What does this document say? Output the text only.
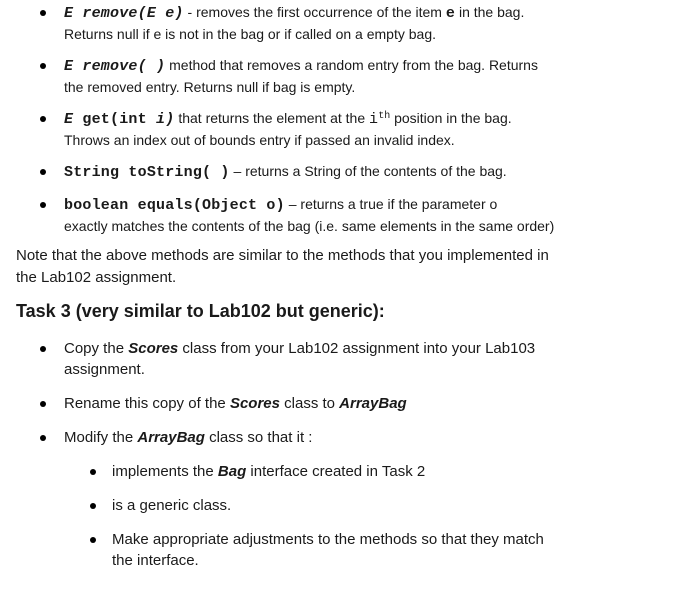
E remove(E e) - removes the first occurrence of the item e in the bag.
Returns null if e is not in the bag or if called on a empty bag.
E remove( ) method that removes a random entry from the bag. Returns
the removed entry. Returns null if bag is empty.
E get(int i) that returns the element at the $i^{th}$ position in the bag.
Throws an index out of bounds entry if passed an invalid index.
String toString( ) – returns a String of the contents of the bag.
boolean equals(Object o) – returns a true if the parameter o
exactly matches the contents of the bag (i.e. same elements in the same order)
Note that the above methods are similar to the methods that you implemented in
the Lab102 assignment.
Task 3 (very similar to Lab102 but generic):
Copy the Scores class from your Lab102 assignment into your Lab103
assignment.
Rename this copy of the Scores class to ArrayBag
Modify the ArrayBag class so that it :
implements the Bag interface created in Task 2
is a generic class.
Make appropriate adjustments to the methods so that they match
the interface.
